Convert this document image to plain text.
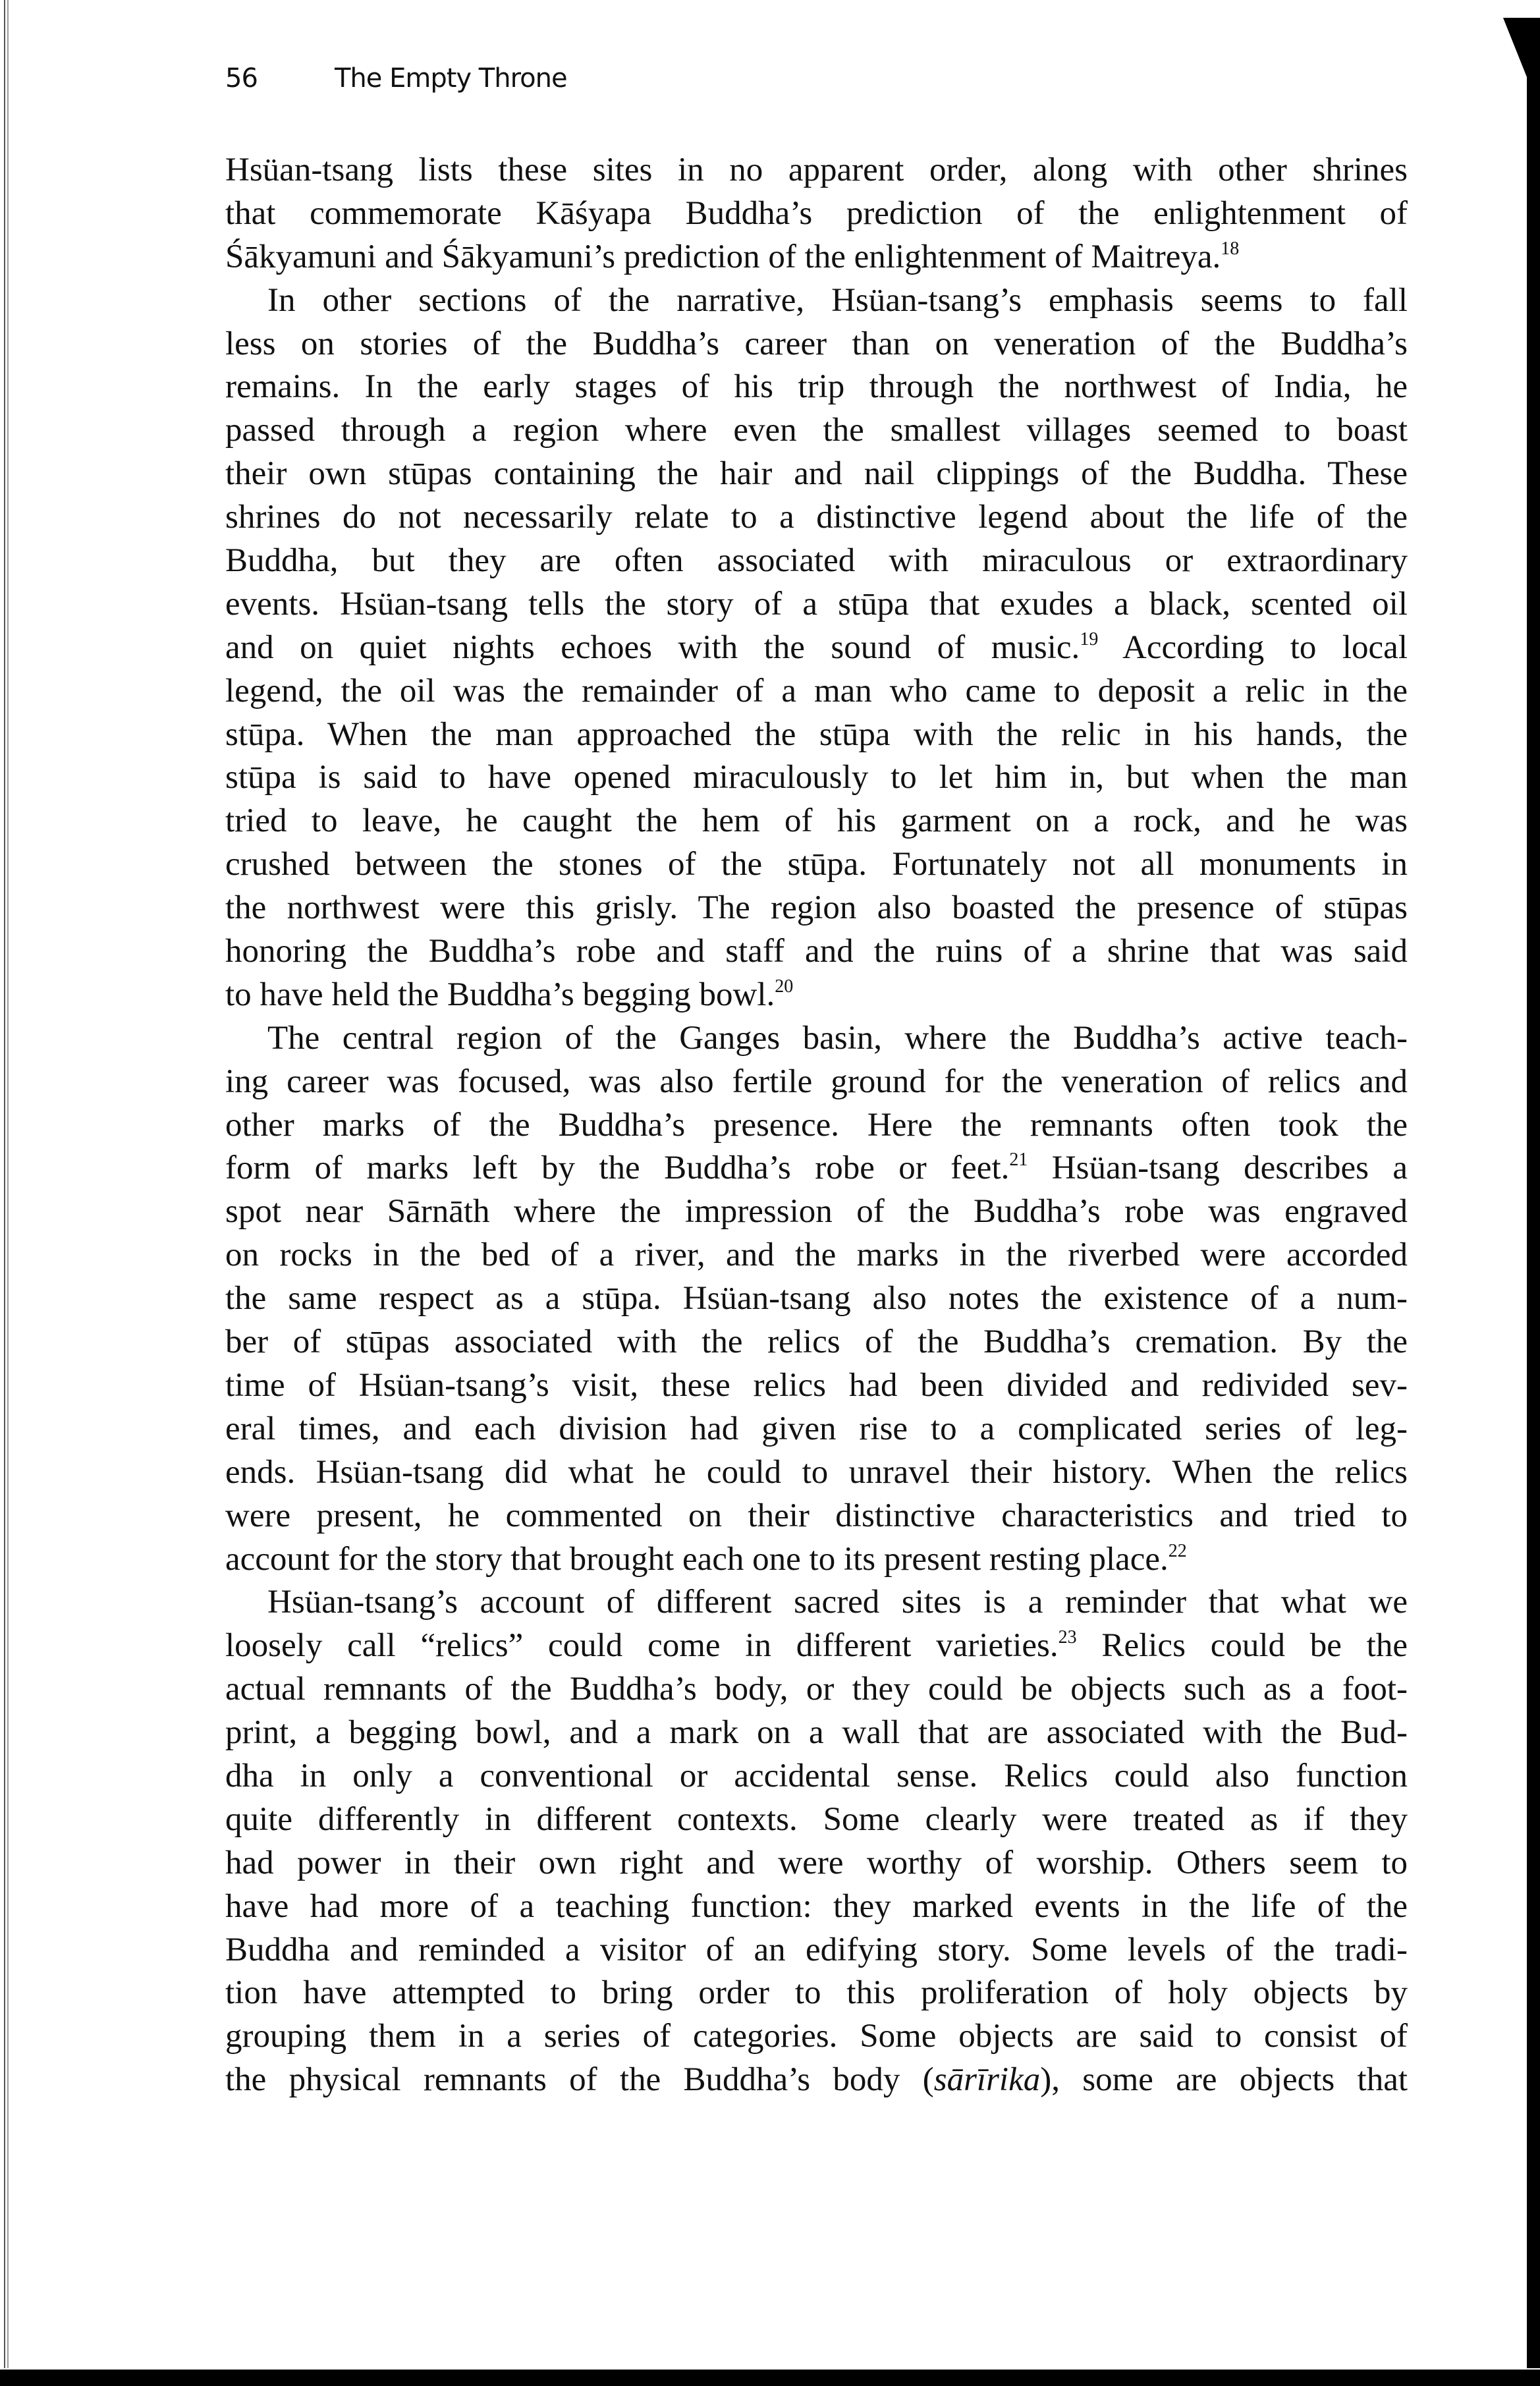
56	The Empty Throne
Hsüan-tsang lists these sites in no apparent order, along with other shrines
that commemorate Kāśyapa Buddha’s prediction of the enlightenment of
Śākyamuni and Śākyamuni’s prediction of the enlightenment of Maitreya.$^{18}$
In other sections of the narrative, Hsüan-tsang’s emphasis seems to fall
less on stories of the Buddha’s career than on veneration of the Buddha’s
remains. In the early stages of his trip through the northwest of India, he
passed through a region where even the smallest villages seemed to boast
their own stūpas containing the hair and nail clippings of the Buddha. These
shrines do not necessarily relate to a distinctive legend about the life of the
Buddha, but they are often associated with miraculous or extraordinary
events. Hsüan-tsang tells the story of a stūpa that exudes a black, scented oil
and on quiet nights echoes with the sound of music.$^{19}$ According to local
legend, the oil was the remainder of a man who came to deposit a relic in the
stūpa. When the man approached the stūpa with the relic in his hands, the
stūpa is said to have opened miraculously to let him in, but when the man
tried to leave, he caught the hem of his garment on a rock, and he was
crushed between the stones of the stūpa. Fortunately not all monuments in
the northwest were this grisly. The region also boasted the presence of stūpas
honoring the Buddha’s robe and staff and the ruins of a shrine that was said
to have held the Buddha’s begging bowl.$^{20}$
The central region of the Ganges basin, where the Buddha’s active teach-
ing career was focused, was also fertile ground for the veneration of relics and
other marks of the Buddha’s presence. Here the remnants often took the
form of marks left by the Buddha’s robe or feet.$^{21}$ Hsüan-tsang describes a
spot near Sārnāth where the impression of the Buddha’s robe was engraved
on rocks in the bed of a river, and the marks in the riverbed were accorded
the same respect as a stūpa. Hsüan-tsang also notes the existence of a num-
ber of stūpas associated with the relics of the Buddha’s cremation. By the
time of Hsüan-tsang’s visit, these relics had been divided and redivided sev-
eral times, and each division had given rise to a complicated series of leg-
ends. Hsüan-tsang did what he could to unravel their history. When the relics
were present, he commented on their distinctive characteristics and tried to
account for the story that brought each one to its present resting place.$^{22}$
Hsüan-tsang’s account of different sacred sites is a reminder that what we
loosely call “relics” could come in different varieties.$^{23}$ Relics could be the
actual remnants of the Buddha’s body, or they could be objects such as a foot-
print, a begging bowl, and a mark on a wall that are associated with the Bud-
dha in only a conventional or accidental sense. Relics could also function
quite differently in different contexts. Some clearly were treated as if they
had power in their own right and were worthy of worship. Others seem to
have had more of a teaching function: they marked events in the life of the
Buddha and reminded a visitor of an edifying story. Some levels of the tradi-
tion have attempted to bring order to this proliferation of holy objects by
grouping them in a series of categories. Some objects are said to consist of
the physical remnants of the Buddha’s body (sārīrika), some are objects that
